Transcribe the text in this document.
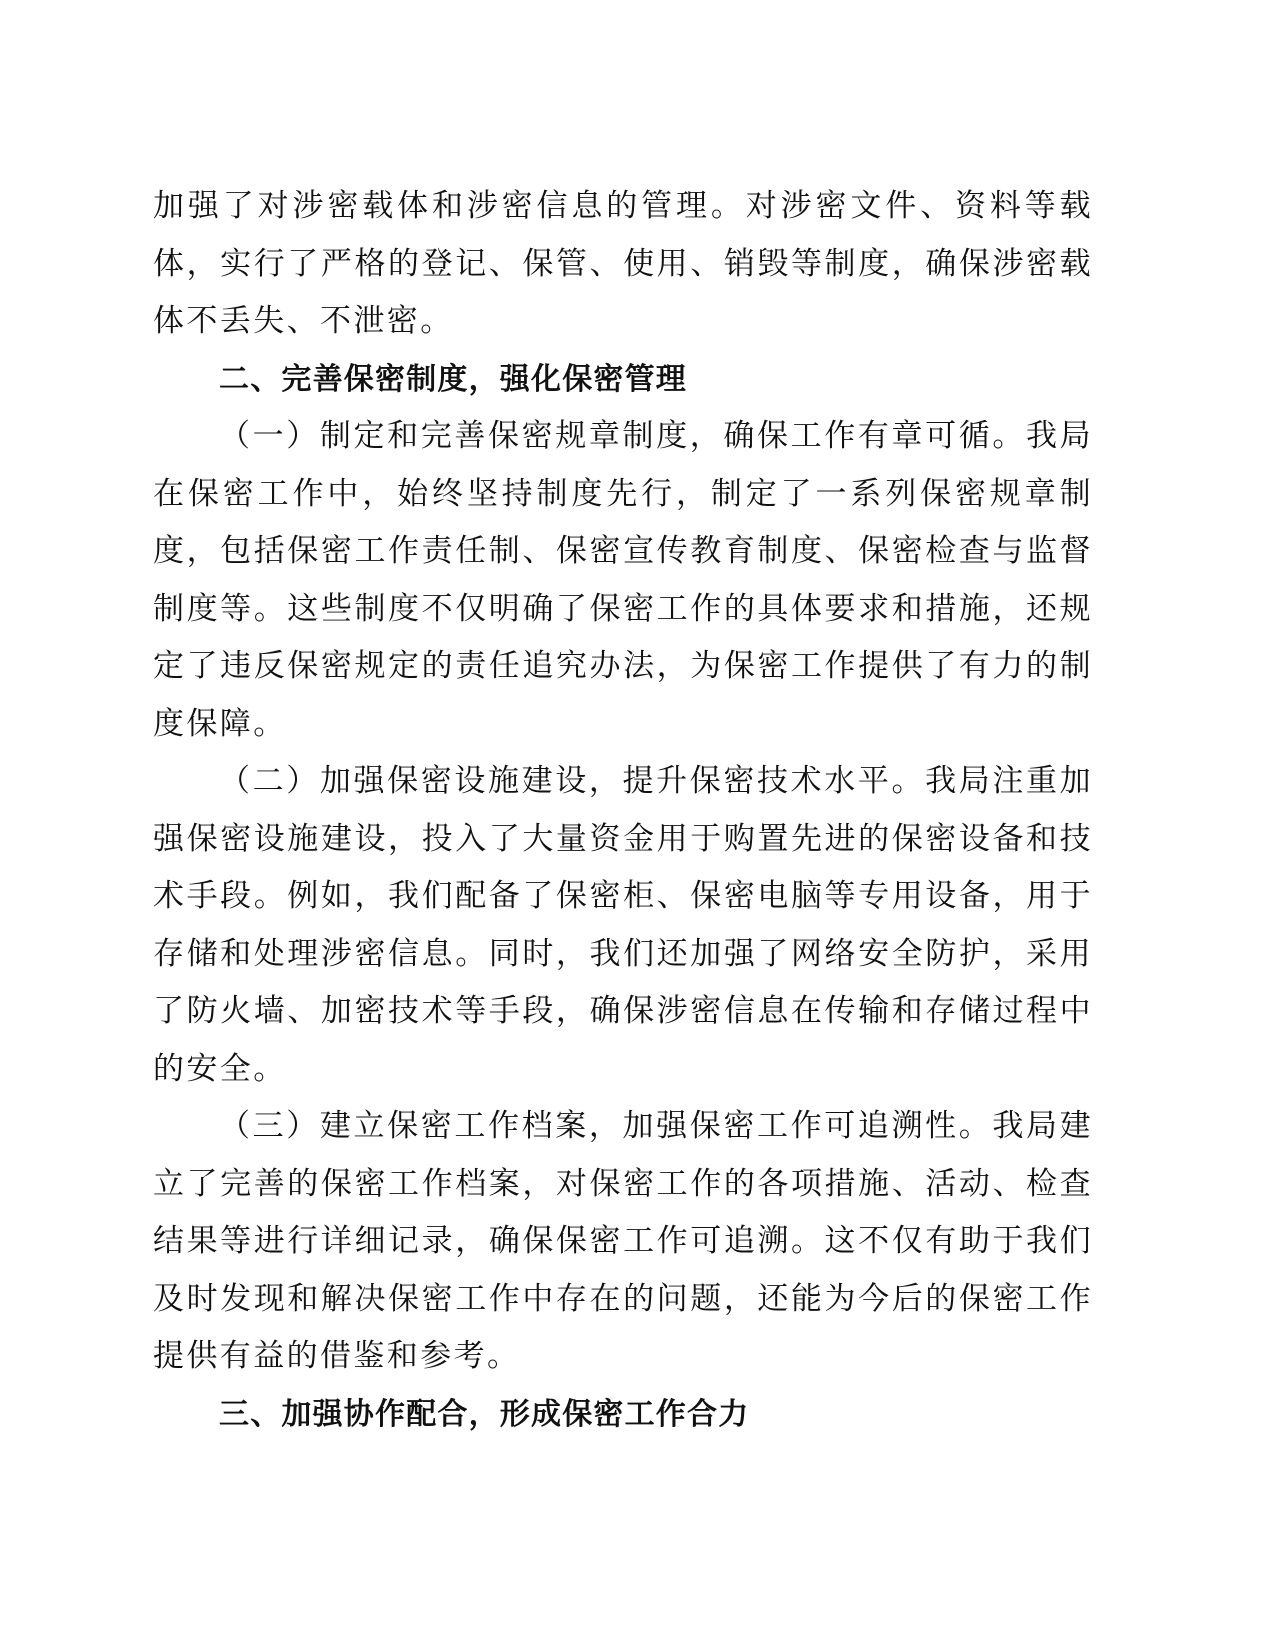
加强了对涉密载体和涉密信息的管理。对涉密文件、资料等载体，实行了严格的登记、保管、使用、销毁等制度，确保涉密载体不丢失、不泄密。

二、完善保密制度，强化保密管理

（一）制定和完善保密规章制度，确保工作有章可循。我局在保密工作中，始终坚持制度先行，制定了一系列保密规章制度，包括保密工作责任制、保密宣传教育制度、保密检查与监督制度等。这些制度不仅明确了保密工作的具体要求和措施，还规定了违反保密规定的责任追究办法，为保密工作提供了有力的制度保障。

（二）加强保密设施建设，提升保密技术水平。我局注重加强保密设施建设，投入了大量资金用于购置先进的保密设备和技术手段。例如，我们配备了保密柜、保密电脑等专用设备，用于存储和处理涉密信息。同时，我们还加强了网络安全防护，采用了防火墙、加密技术等手段，确保涉密信息在传输和存储过程中的安全。

（三）建立保密工作档案，加强保密工作可追溯性。我局建立了完善的保密工作档案，对保密工作的各项措施、活动、检查结果等进行详细记录，确保保密工作可追溯。这不仅有助于我们及时发现和解决保密工作中存在的问题，还能为今后的保密工作提供有益的借鉴和参考。

三、加强协作配合，形成保密工作合力
